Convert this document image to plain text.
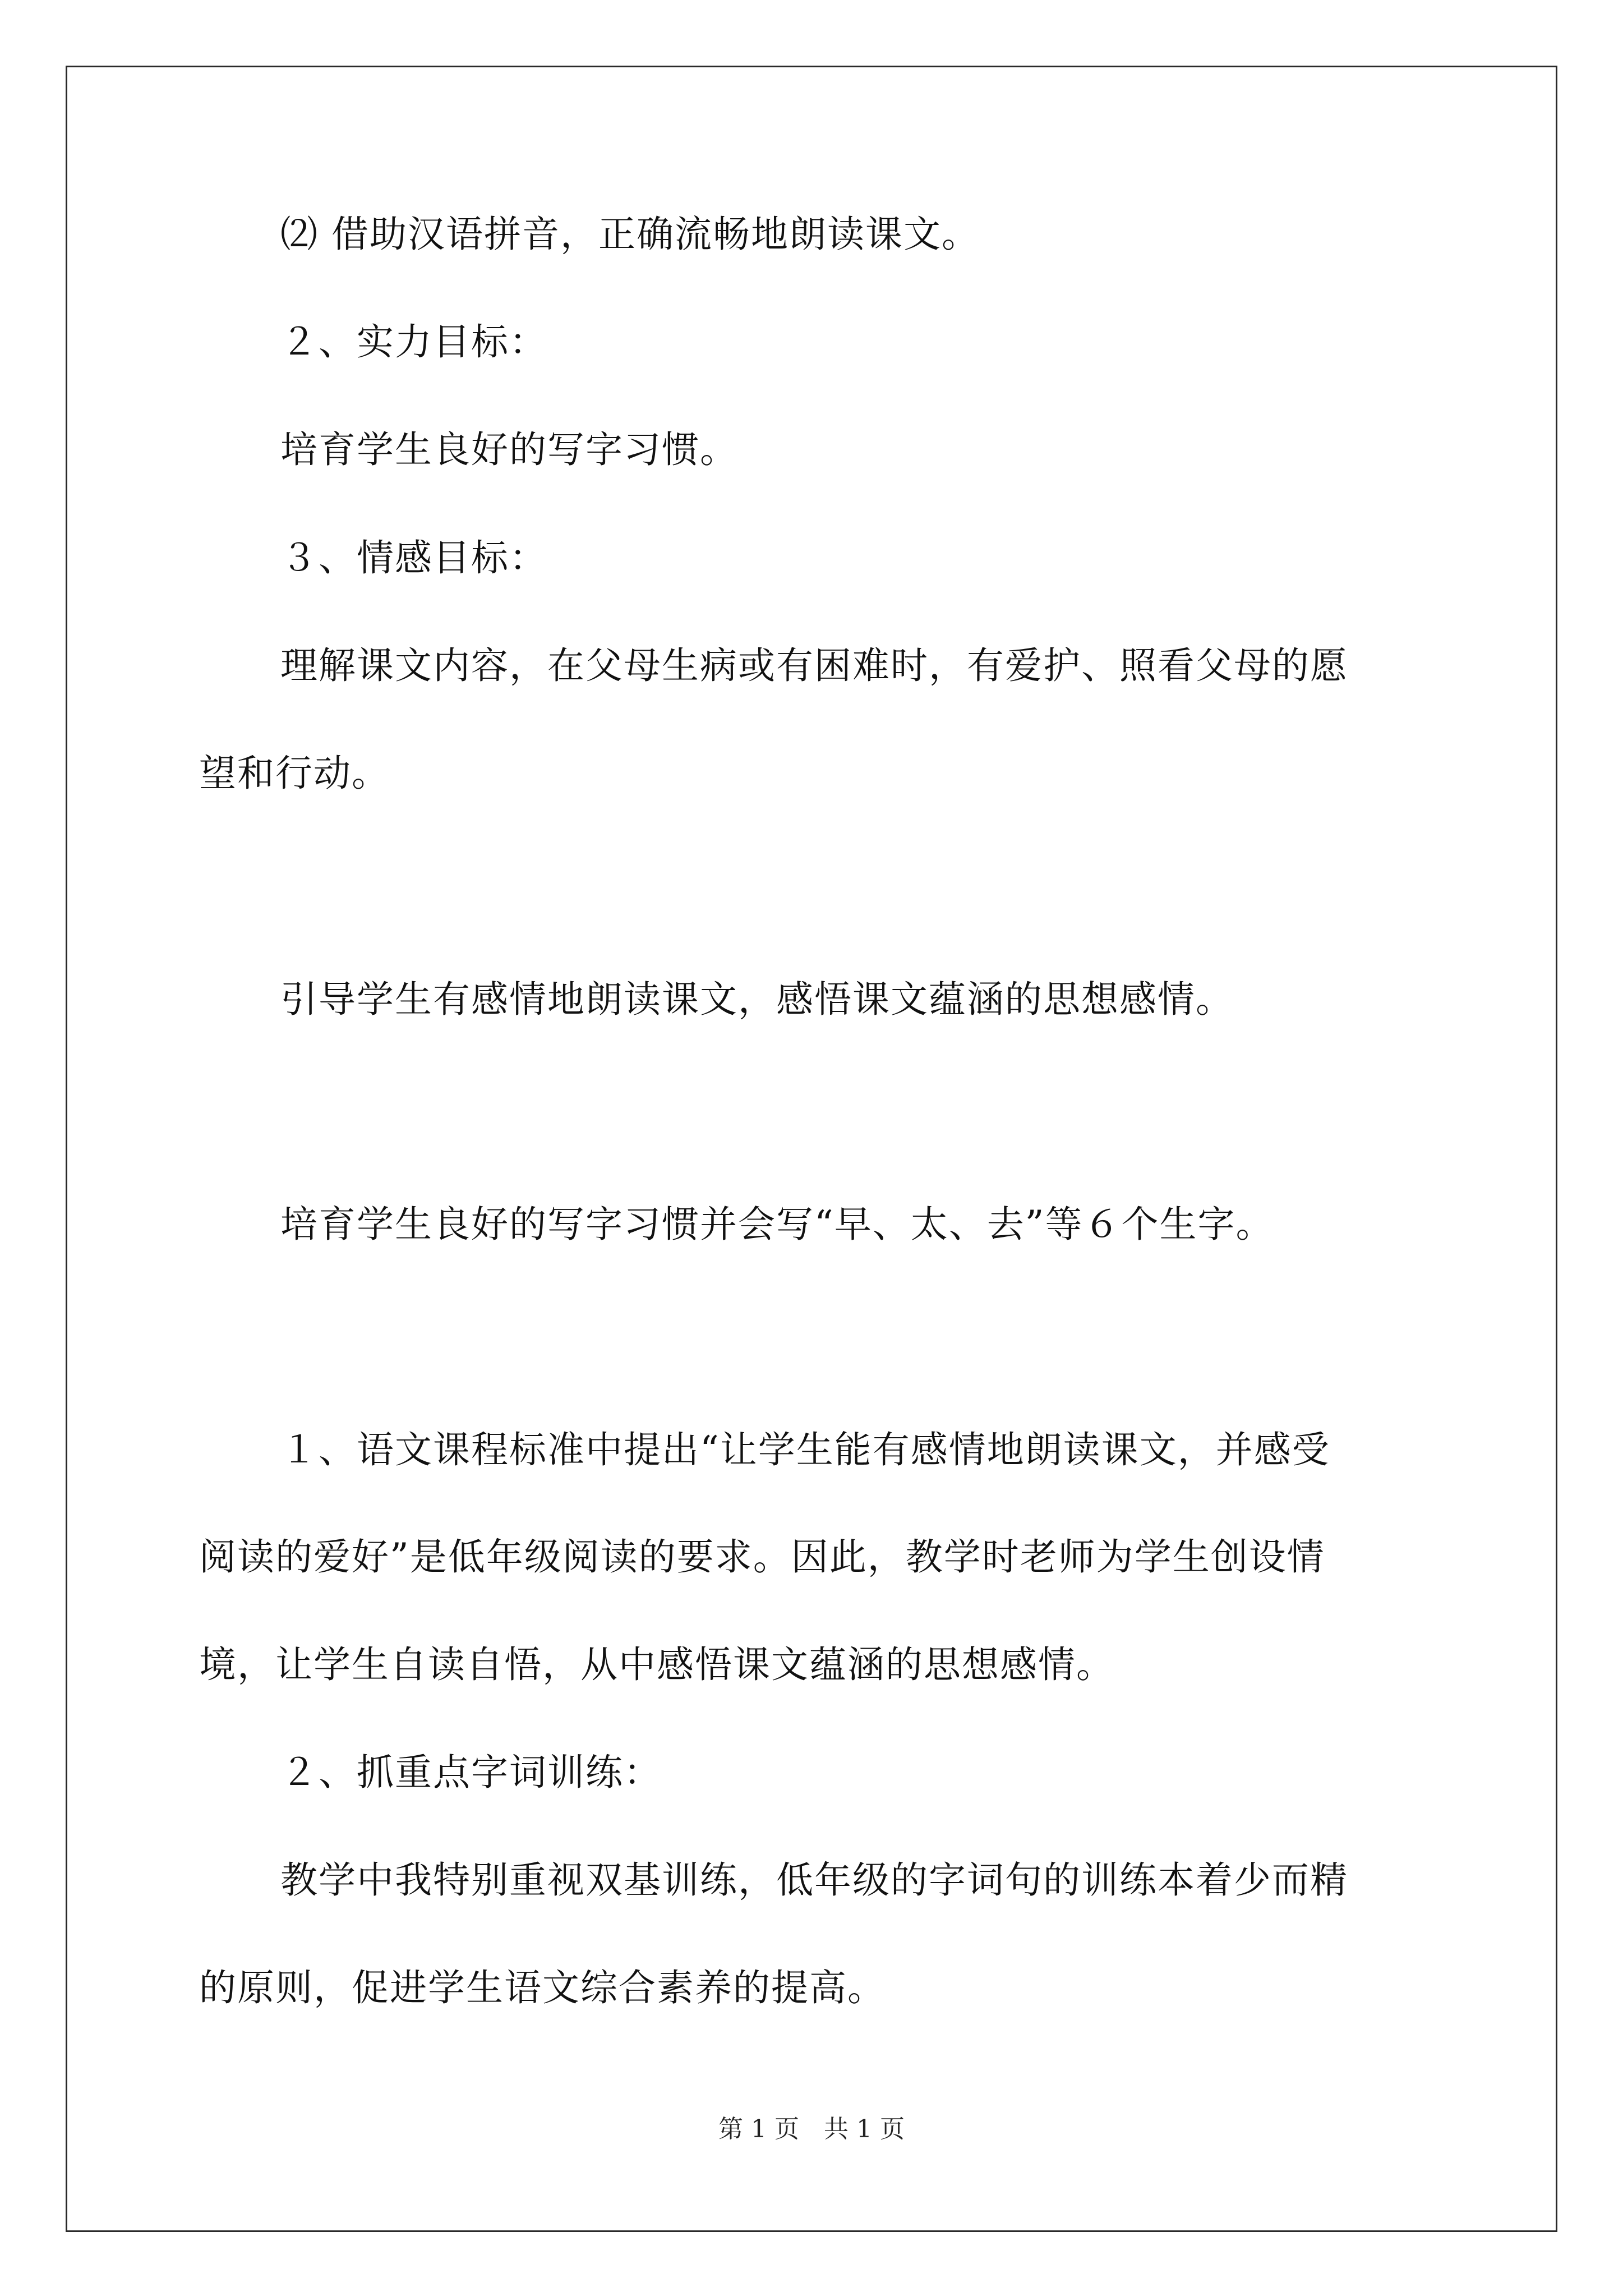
⑵ 借助汉语拼音，正确流畅地朗读课文。
２、实力目标：
培育学生良好的写字习惯。
３、情感目标：
理解课文内容，在父母生病或有困难时，有爱护、照看父母的愿
望和行动。
引导学生有感情地朗读课文，感悟课文蕴涵的思想感情。
培育学生良好的写字习惯并会写“早、太、去”等６个生字。
１、语文课程标准中提出“让学生能有感情地朗读课文，并感受
阅读的爱好”是低年级阅读的要求。因此，教学时老师为学生创设情
境，让学生自读自悟，从中感悟课文蕴涵的思想感情。
２、抓重点字词训练：
教学中我特别重视双基训练，低年级的字词句的训练本着少而精
的原则，促进学生语文综合素养的提高。
第 1 页　共 1 页
